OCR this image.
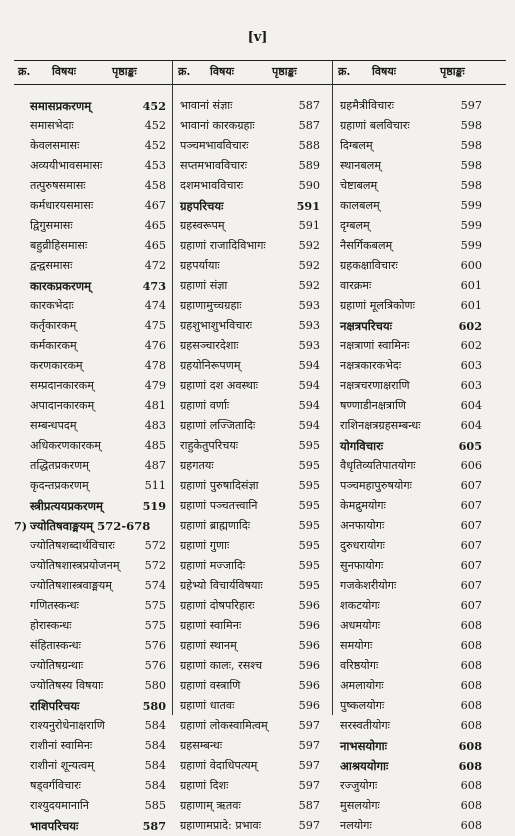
[v]
क्र. विषयः	पृष्ठाङ्कः	क्र. विषयः	पृष्ठाङ्कः	क्र. विषयः	पृष्ठाङ्कः
समासप्रकरणम्	452
समासभेदाः	452
केवलसमासः	452
अव्ययीभावसमासः	453
तत्पुरुषसमासः	458
कर्मधारयसमासः	467
द्विगुसमासः	465
बहुव्रीहिसमासः	465
द्वन्द्वसमासः	472
कारकप्रकरणम्	473
कारकभेदाः	474
कर्तृकारकम्	475
कर्मकारकम्	476
करणकारकम्	478
सम्प्रदानकारकम्	479
अपादानकारकम्	481
सम्बन्धपदम्	483
अधिकरणकारकम्	485
तद्धितप्रकरणम्	487
कृदन्तप्रकरणम्	511
स्त्रीप्रत्ययप्रकरणम्	519
7) ज्योतिषवाङ्मयम् 572-678
ज्योतिषशब्दार्थविचारः	572
ज्योतिषशास्त्रप्रयोजनम् 572
ज्योतिषशास्त्रवाङ्मयम्	574
गणितस्कन्धः	575
होरास्कन्धः	575
संहितास्कन्धः	576
ज्योतिषग्रन्थाः	576
ज्योतिषस्य विषयाः	580
राशिपरिचयः	580
राश्यनुरोधेनाक्षराणि	584
राशीनां स्वामिनः	584
राशीनां शून्यत्वम्	584
षड्वर्गविचारः	584
राश्युदयमानानि	585
भावपरिचयः	587
भावानां संज्ञाः	587
भावानां कारकग्रहाः	587
पञ्चमभावविचारः	588
सप्तमभावविचारः	589
दशमभावविचारः	590
ग्रहपरिचयः	591
ग्रहस्वरूपम्	591
ग्रहाणां राजादिविभागः	592
ग्रहपर्यायाः	592
ग्रहाणां संज्ञा	592
ग्रहाणामुच्चग्रहाः	593
ग्रहशुभाशुभविचारः	593
ग्रहसञ्चारदेशाः	593
ग्रहयोनिरूपणम्	594
ग्रहाणां दश अवस्थाः	594
ग्रहाणां वर्णाः	594
ग्रहाणां लज्जितादिः	594
राहुकेतुपरिचयः	595
ग्रहगतयः	595
ग्रहाणां पुरुषादिसंज्ञा	595
ग्रहाणां पञ्चतत्त्वानि	595
ग्रहाणां ब्राह्मणादिः	595
ग्रहाणां गुणाः	595
ग्रहाणां मज्जादिः	595
ग्रहेभ्यो विचार्यविषयाः	595
ग्रहाणां दोषपरिहारः	596
ग्रहाणां स्वामिनः	596
ग्रहाणां स्थानम्	596
ग्रहाणां कालः, रसश्च	596
ग्रहाणां वस्त्राणि	596
ग्रहाणां धातवः	596
ग्रहाणां लोकस्वामित्वम्	597
ग्रहसम्बन्धः	597
ग्रहाणां वेदाधिपत्यम्	597
ग्रहाणां दिशः	597
ग्रहाणाम् ऋतवः	587
ग्रहाणामप्रादे: प्रभावः	597
ग्रहमैत्रीविचारः	597
ग्रहाणां बलविचारः	598
दिग्बलम्	598
स्थानबलम्	598
चेष्टाबलम्	598
कालबलम्	599
दृग्बलम्	599
नैसर्गिकबलम्	599
ग्रहकक्षाविचारः	600
वारक्रमः	601
ग्रहाणां मूलत्रिकोणः	601
नक्षत्रपरिचयः	602
नक्षत्राणां स्वामिनः	602
नक्षत्रकारकभेदः	603
नक्षत्रचरणाक्षराणि	603
षण्णाडीनक्षत्राणि	604
राशिनक्षत्रग्रहसम्बन्धः	604
योगविचारः	605
वैधृतिव्यतिपातयोगः	606
पञ्चमहापुरुषयोगः	607
केमद्रुमयोगः	607
अनफायोगः	607
दुरुधरायोगः	607
सुनफायोगः	607
गजकेशरीयोगः	607
शकटयोगः	607
अधमयोगः	608
समयोगः	608
वरिष्ठयोगः	608
अमलायोगः	608
पुष्कलयोगः	608
सरस्वतीयोगः	608
नाभसयोगाः	608
आश्रययोगाः	608
रज्जुयोगः	608
मुसलयोगः	608
नलयोगः	608
